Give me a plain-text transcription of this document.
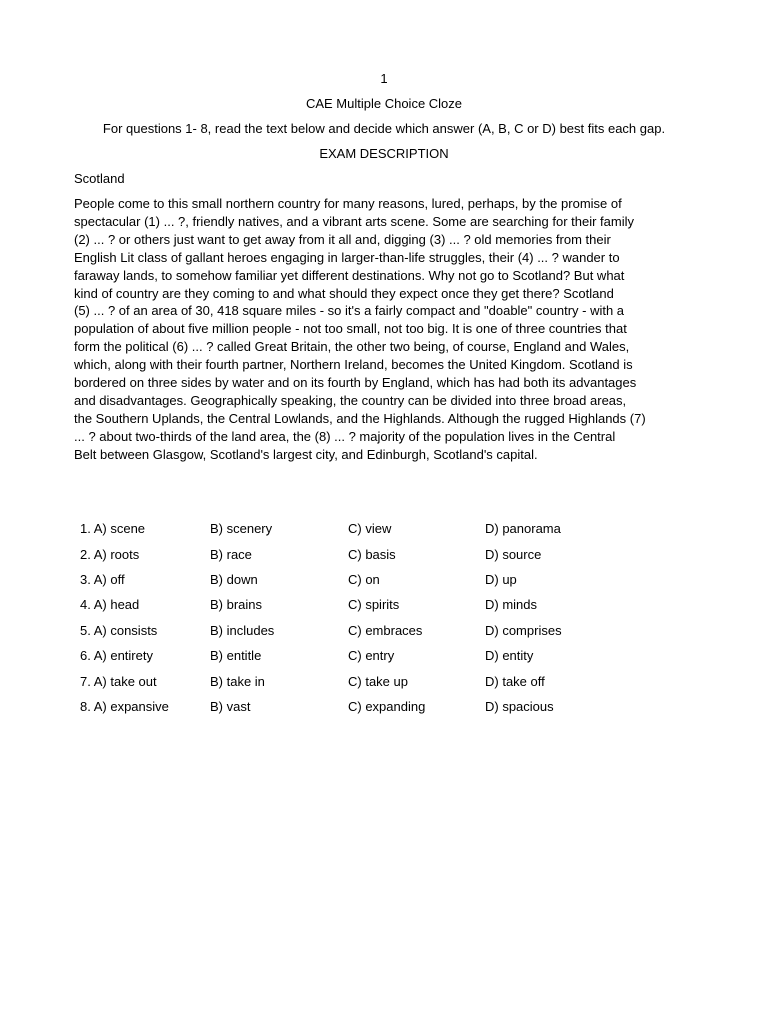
1
CAE Multiple Choice Cloze
For questions 1- 8, read the text below and decide which answer (A, B, C or D) best fits each gap.
EXAM DESCRIPTION
Scotland

People come to this small northern country for many reasons, lured, perhaps, by the promise of
spectacular (1) ... ?, friendly natives, and a vibrant arts scene. Some are searching for their family
(2) ... ? or others just want to get away from it all and, digging (3) ... ? old memories from their
English Lit class of gallant heroes engaging in larger-than-life struggles, their (4) ... ? wander to
faraway lands, to somehow familiar yet different destinations. Why not go to Scotland? But what
kind of country are they coming to and what should they expect once they get there? Scotland
(5) ... ? of an area of 30, 418 square miles - so it's a fairly compact and "doable" country - with a
population of about five million people - not too small, not too big. It is one of three countries that
form the political (6) ... ? called Great Britain, the other two being, of course, England and Wales,
which, along with their fourth partner, Northern Ireland, becomes the United Kingdom. Scotland is
bordered on three sides by water and on its fourth by England, which has had both its advantages
and disadvantages. Geographically speaking, the country can be divided into three broad areas,
the Southern Uplands, the Central Lowlands, and the Highlands. Although the rugged Highlands (7)
... ? about two-thirds of the land area, the (8) ... ? majority of the population lives in the Central
Belt between Glasgow, Scotland's largest city, and Edinburgh, Scotland's capital.

1. A) scene	B) scenery	C) view	D) panorama
2. A) roots	B) race	C) basis	D) source
3. A) off	B) down	C) on	D) up
4. A) head	B) brains	C) spirits	D) minds
5. A) consists	B) includes	C) embraces	D) comprises
6. A) entirety	B) entitle	C) entry	D) entity
7. A) take out	B) take in	C) take up	D) take off
8. A) expansive	B) vast	C) expanding	D) spacious
